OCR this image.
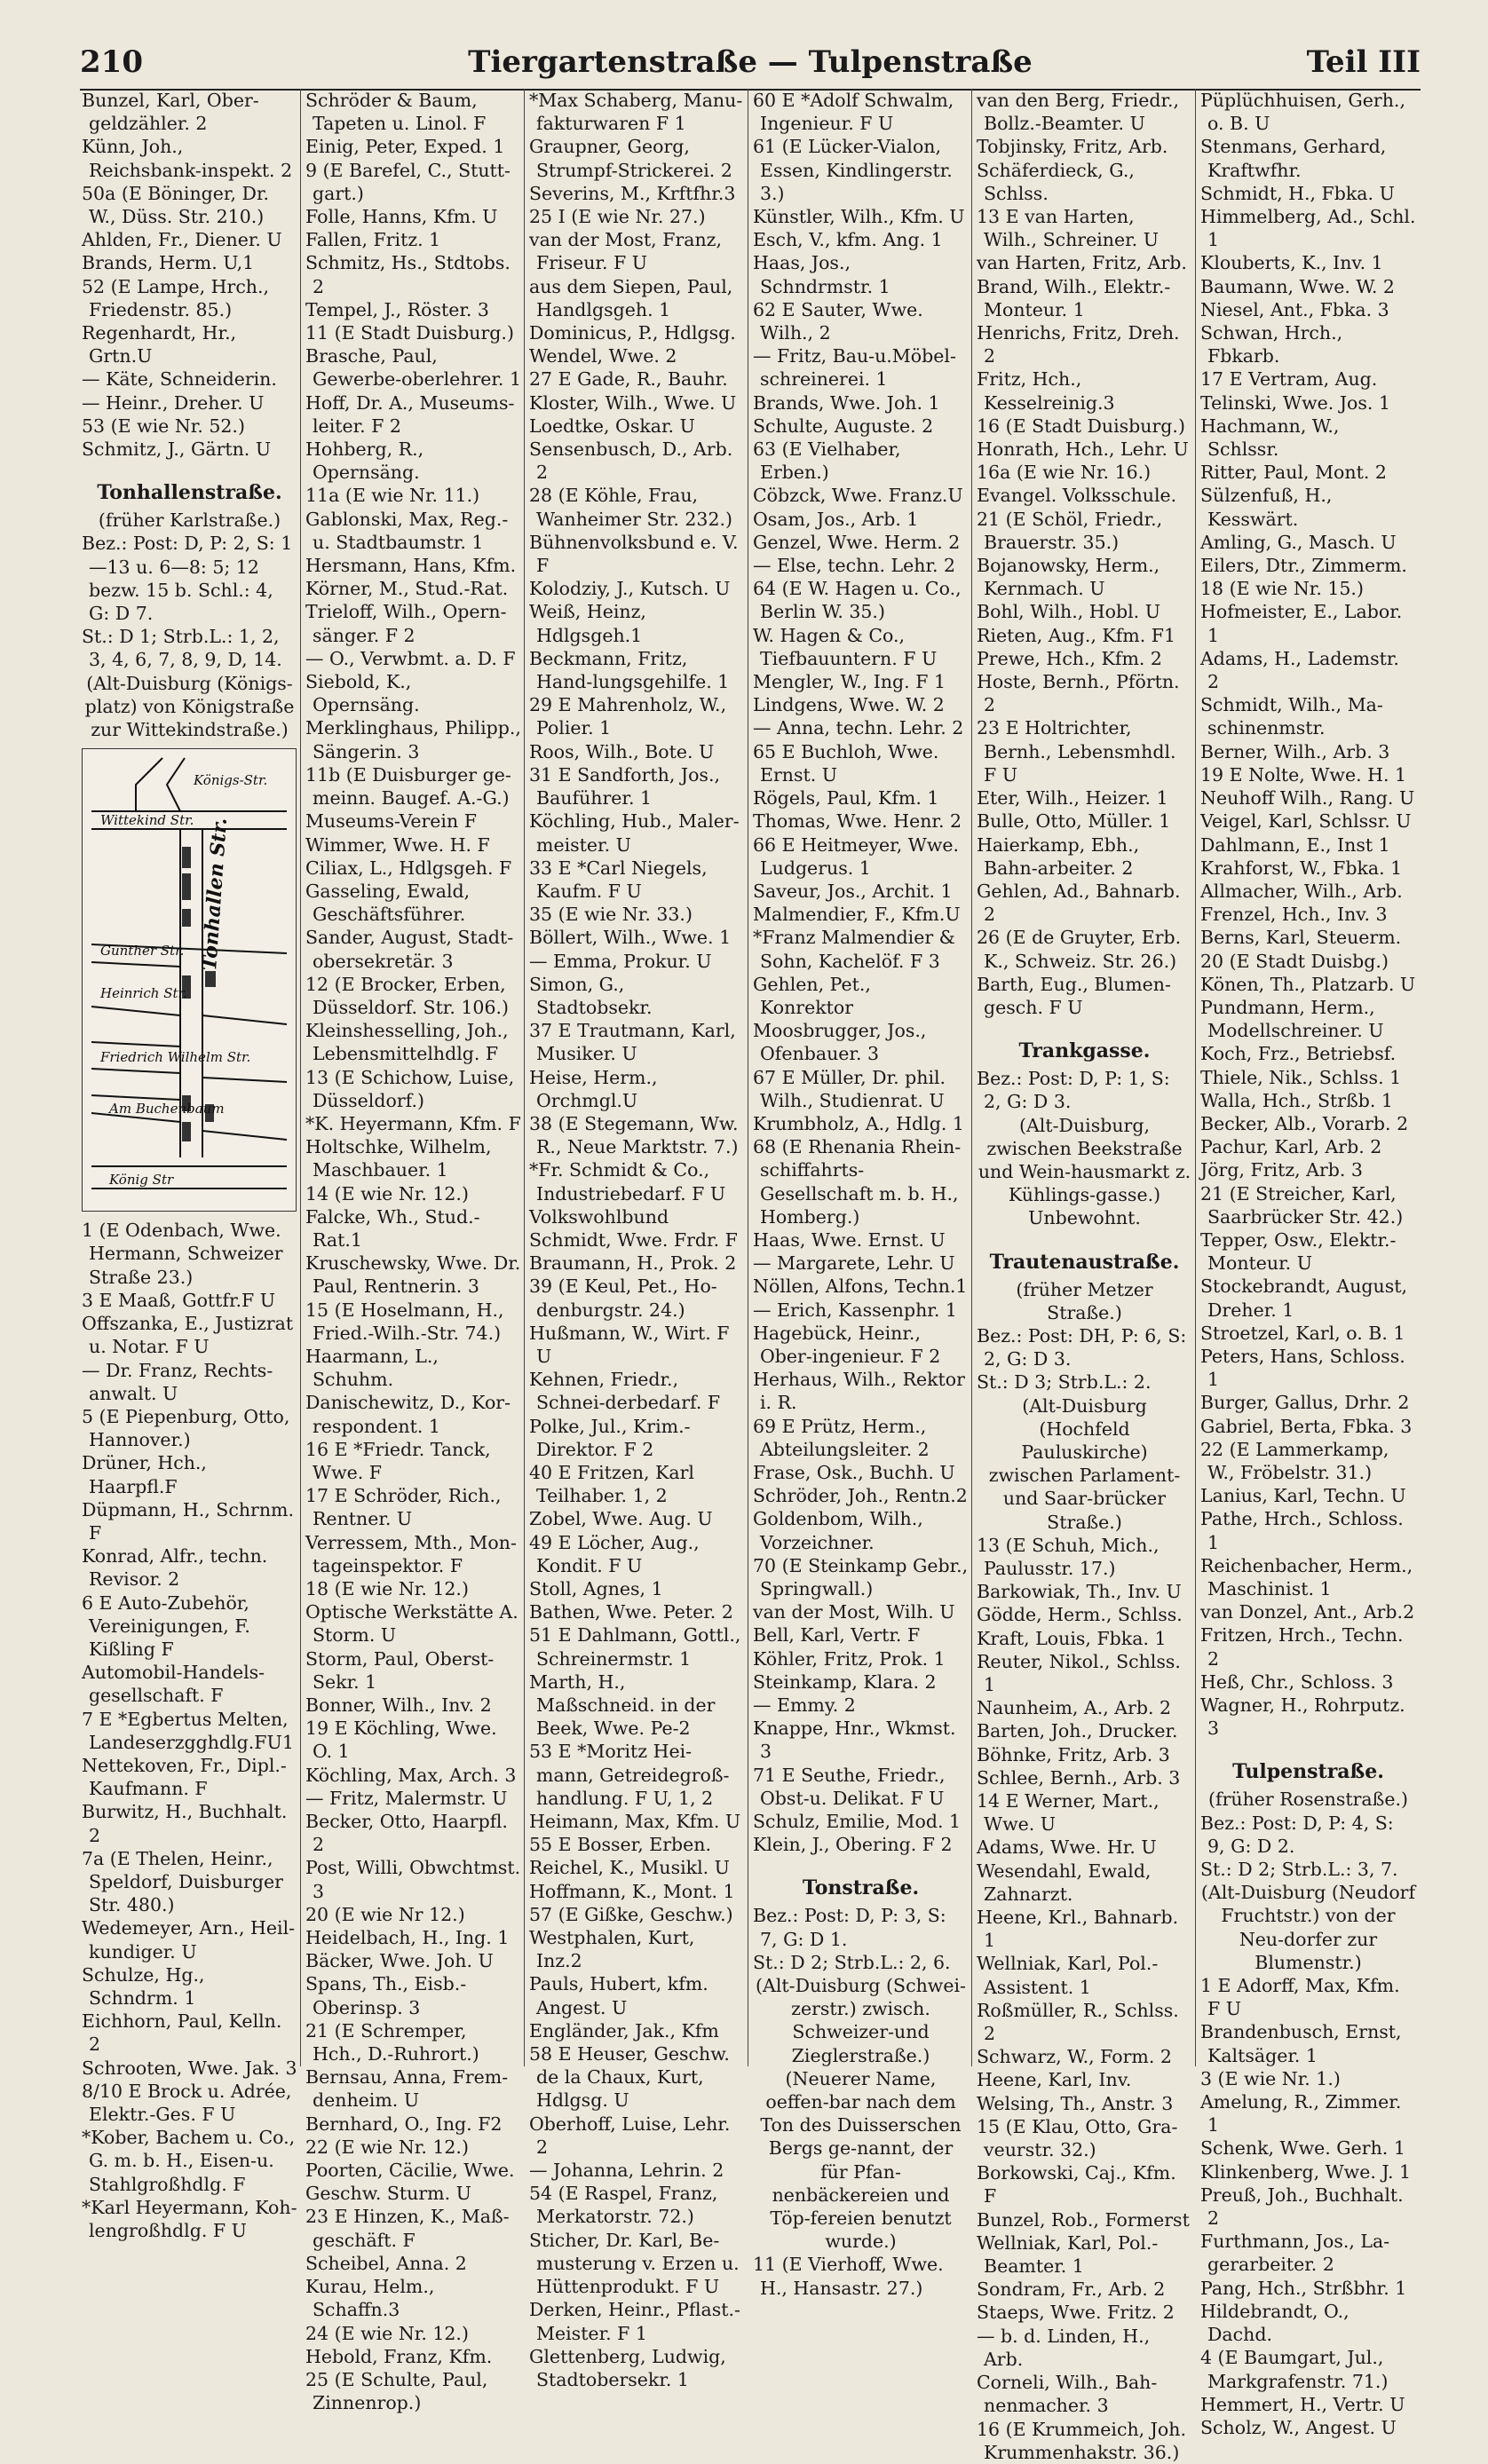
210	Tiergartenstraße — Tulpenstraße	Teil III
Bunzel, Karl, Ober-geldzähler. 2
Künn, Joh., Reichsbank-inspekt. 2
50a (E Böninger, Dr. W., Düss. Str. 210.)
Ahlden, Fr., Diener. U
Brands, Herm. U,1
52 (E Lampe, Hrch., Friedenstr. 85.)
Regenhardt, Hr., Grtn.U
— Käte, Schneiderin.
— Heinr., Dreher. U
53 (E wie Nr. 52.)
Schmitz, J., Gärtn. U
Tonhallenstraße.
(früher Karlstraße.)
Bez.: Post: D, P: 2, S: 1—13 u. 6—8: 5; 12 bezw. 15 b. Schl.: 4, G: D 7.
St.: D 1; Strb.L.: 1, 2, 3, 4, 6, 7, 8, 9, D, 14.
(Alt-Duisburg (Königs-platz) von Königstraße zur Wittekindstraße.)
Königs-Str.
Wittekind Str.
Günther Str.
Heinrich Str.
Friedrich Wilhelm Str.
Am Buchenbaum
König Str
Tonhallen Str.
1 (E Odenbach, Wwe. Hermann, Schweizer Straße 23.)
3 E Maaß, Gottfr.F U
Offszanka, E., Justizrat u. Notar. F U
— Dr. Franz, Rechts-anwalt. U
5 (E Piepenburg, Otto, Hannover.)
Drüner, Hch., Haarpfl.F
Düpmann, H., Schrnm. F
Konrad, Alfr., techn. Revisor. 2
6 E Auto-Zubehör, Vereinigungen, F. Kißling F
Automobil-Handels-gesellschaft. F
7 E *Egbertus Melten, Landeserzgghdlg.FU1
Nettekoven, Fr., Dipl.-Kaufmann. F
Burwitz, H., Buchhalt. 2
7a (E Thelen, Heinr., Speldorf, Duisburger Str. 480.)
Wedemeyer, Arn., Heil-kundiger. U
Schulze, Hg., Schndrm. 1
Eichhorn, Paul, Kelln. 2
Schrooten, Wwe. Jak. 3
8/10 E Brock u. Adrée, Elektr.-Ges. F U
*Kober, Bachem u. Co., G. m. b. H., Eisen-u. Stahlgroßhdlg. F
*Karl Heyermann, Koh-lengroßhdlg. F U
Schröder & Baum, Tapeten u. Linol. F
Einig, Peter, Exped. 1
9 (E Barefel, C., Stutt-gart.)
Folle, Hanns, Kfm. U
Fallen, Fritz. 1
Schmitz, Hs., Stdtobs. 2
Tempel, J., Röster. 3
11 (E Stadt Duisburg.)
Brasche, Paul, Gewerbe-oberlehrer. 1
Hoff, Dr. A., Museums-leiter. F 2
Hohberg, R., Opernsäng.
11a (E wie Nr. 11.)
Gablonski, Max, Reg.-u. Stadtbaumstr. 1
Hersmann, Hans, Kfm.
Körner, M., Stud.-Rat.
Trieloff, Wilh., Opern-sänger. F 2
— O., Verwbmt. a. D. F
Siebold, K., Opernsäng.
Merklinghaus, Philipp., Sängerin. 3
11b (E Duisburger ge-meinn. Baugef. A.-G.)
Museums-Verein F
Wimmer, Wwe. H. F
Ciliax, L., Hdlgsgeh. F
Gasseling, Ewald, Geschäftsführer.
Sander, August, Stadt-obersekretär. 3
12 (E Brocker, Erben, Düsseldorf. Str. 106.)
Kleinshesselling, Joh., Lebensmittelhdlg. F
13 (E Schichow, Luise, Düsseldorf.)
*K. Heyermann, Kfm. F
Holtschke, Wilhelm, Maschbauer. 1
14 (E wie Nr. 12.)
Falcke, Wh., Stud.-Rat.1
Kruschewsky, Wwe. Dr. Paul, Rentnerin. 3
15 (E Hoselmann, H., Fried.-Wilh.-Str. 74.)
Haarmann, L., Schuhm.
Danischewitz, D., Kor-respondent. 1
16 E *Friedr. Tanck, Wwe. F
17 E Schröder, Rich., Rentner. U
Verressem, Mth., Mon-tageinspektor. F
18 (E wie Nr. 12.)
Optische Werkstätte A. Storm. U
Storm, Paul, Oberst-Sekr. 1
Bonner, Wilh., Inv. 2
19 E Köchling, Wwe. O. 1
Köchling, Max, Arch. 3
— Fritz, Malermstr. U
Becker, Otto, Haarpfl. 2
Post, Willi, Obwchtmst. 3
20 (E wie Nr 12.)
Heidelbach, H., Ing. 1
Bäcker, Wwe. Joh. U
Spans, Th., Eisb.-Oberinsp. 3
21 (E Schremper, Hch., D.-Ruhrort.)
Bernsau, Anna, Frem-denheim. U
Bernhard, O., Ing. F2
22 (E wie Nr. 12.)
Poorten, Cäcilie, Wwe.
Geschw. Sturm. U
23 E Hinzen, K., Maß-geschäft. F
Scheibel, Anna. 2
Kurau, Helm., Schaffn.3
24 (E wie Nr. 12.)
Hebold, Franz, Kfm.
25 (E Schulte, Paul, Zinnenrop.)
*Max Schaberg, Manu-fakturwaren F 1
Graupner, Georg, Strumpf-Strickerei. 2
Severins, M., Krftfhr.3
25 I (E wie Nr. 27.)
van der Most, Franz, Friseur. F U
aus dem Siepen, Paul, Handlgsgeh. 1
Dominicus, P., Hdlgsg.
Wendel, Wwe. 2
27 E Gade, R., Bauhr.
Kloster, Wilh., Wwe. U
Loedtke, Oskar. U
Sensenbusch, D., Arb. 2
28 (E Köhle, Frau, Wanheimer Str. 232.)
Bühnenvolksbund e. V. F
Kolodziy, J., Kutsch. U
Weiß, Heinz, Hdlgsgeh.1
Beckmann, Fritz, Hand-lungsgehilfe. 1
29 E Mahrenholz, W., Polier. 1
Roos, Wilh., Bote. U
31 E Sandforth, Jos., Bauführer. 1
Köchling, Hub., Maler-meister. U
33 E *Carl Niegels, Kaufm. F U
35 (E wie Nr. 33.)
Böllert, Wilh., Wwe. 1
— Emma, Prokur. U
Simon, G., Stadtobsekr.
37 E Trautmann, Karl, Musiker. U
Heise, Herm., Orchmgl.U
38 (E Stegemann, Ww. R., Neue Marktstr. 7.)
*Fr. Schmidt & Co., Industriebedarf. F U
Volkswohlbund
Schmidt, Wwe. Frdr. F
Braumann, H., Prok. 2
39 (E Keul, Pet., Ho-denburgstr. 24.)
Hußmann, W., Wirt. F U
Kehnen, Friedr., Schnei-derbedarf. F
Polke, Jul., Krim.-Direktor. F 2
40 E Fritzen, Karl Teilhaber. 1, 2
Zobel, Wwe. Aug. U
49 E Löcher, Aug., Kondit. F U
Stoll, Agnes, 1
Bathen, Wwe. Peter. 2
51 E Dahlmann, Gottl., Schreinermstr. 1
Marth, H., Maßschneid. in der Beek, Wwe. Pe-2
53 E *Moritz Hei-mann, Getreidegroß-handlung. F U, 1, 2
Heimann, Max, Kfm. U
55 E Bosser, Erben.
Reichel, K., Musikl. U
Hoffmann, K., Mont. 1
57 (E Gißke, Geschw.)
Westphalen, Kurt, Inz.2
Pauls, Hubert, kfm. Angest. U
Engländer, Jak., Kfm
58 E Heuser, Geschw. de la Chaux, Kurt, Hdlgsg. U
Oberhoff, Luise, Lehr. 2
— Johanna, Lehrin. 2
54 (E Raspel, Franz, Merkatorstr. 72.)
Sticher, Dr. Karl, Be-musterung v. Erzen u. Hüttenprodukt. F U
Derken, Heinr., Pflast.-Meister. F 1
Glettenberg, Ludwig, Stadtobersekr. 1
60 E *Adolf Schwalm, Ingenieur. F U
61 (E Lücker-Vialon, Essen, Kindlingerstr. 3.)
Künstler, Wilh., Kfm. U
Esch, V., kfm. Ang. 1
Haas, Jos., Schndrmstr. 1
62 E Sauter, Wwe. Wilh., 2
— Fritz, Bau-u.Möbel-schreinerei. 1
Brands, Wwe. Joh. 1
Schulte, Auguste. 2
63 (E Vielhaber, Erben.)
Cöbzck, Wwe. Franz.U
Osam, Jos., Arb. 1
Genzel, Wwe. Herm. 2
— Else, techn. Lehr. 2
64 (E W. Hagen u. Co., Berlin W. 35.)
W. Hagen & Co., Tiefbauuntern. F U
Mengler, W., Ing. F 1
Lindgens, Wwe. W. 2
— Anna, techn. Lehr. 2
65 E Buchloh, Wwe. Ernst. U
Rögels, Paul, Kfm. 1
Thomas, Wwe. Henr. 2
66 E Heitmeyer, Wwe. Ludgerus. 1
Saveur, Jos., Archit. 1
Malmendier, F., Kfm.U
*Franz Malmendier & Sohn, Kachelöf. F 3
Gehlen, Pet., Konrektor
Moosbrugger, Jos., Ofenbauer. 3
67 E Müller, Dr. phil. Wilh., Studienrat. U
Krumbholz, A., Hdlg. 1
68 (E Rhenania Rhein-schiffahrts-Gesellschaft m. b. H., Homberg.)
Haas, Wwe. Ernst. U
— Margarete, Lehr. U
Nöllen, Alfons, Techn.1
— Erich, Kassenphr. 1
Hagebück, Heinr., Ober-ingenieur. F 2
Herhaus, Wilh., Rektor i. R.
69 E Prütz, Herm., Abteilungsleiter. 2
Frase, Osk., Buchh. U
Schröder, Joh., Rentn.2
Goldenbom, Wilh., Vorzeichner.
70 (E Steinkamp Gebr., Springwall.)
van der Most, Wilh. U
Bell, Karl, Vertr. F
Köhler, Fritz, Prok. 1
Steinkamp, Klara. 2
— Emmy. 2
Knappe, Hnr., Wkmst. 3
71 E Seuthe, Friedr., Obst-u. Delikat. F U
Schulz, Emilie, Mod. 1
Klein, J., Obering. F 2
Tonstraße.
Bez.: Post: D, P: 3, S: 7, G: D 1.
St.: D 2; Strb.L.: 2, 6.
(Alt-Duisburg (Schwei-zerstr.) zwisch. Schweizer-und Zieglerstraße.)
(Neuerer Name, oeffen-bar nach dem Ton des Duisserschen Bergs ge-nannt, der für Pfan-nenbäckereien und Töp-fereien benutzt wurde.)
11 (E Vierhoff, Wwe. H., Hansastr. 27.)
van den Berg, Friedr., Bollz.-Beamter. U
Tobjinsky, Fritz, Arb.
Schäferdieck, G., Schlss.
13 E van Harten, Wilh., Schreiner. U
van Harten, Fritz, Arb.
Brand, Wilh., Elektr.-Monteur. 1
Henrichs, Fritz, Dreh. 2
Fritz, Hch., Kesselreinig.3
16 (E Stadt Duisburg.)
Honrath, Hch., Lehr. U
16a (E wie Nr. 16.)
Evangel. Volksschule.
21 (E Schöl, Friedr., Brauerstr. 35.)
Bojanowsky, Herm., Kernmach. U
Bohl, Wilh., Hobl. U
Rieten, Aug., Kfm. F1
Prewe, Hch., Kfm. 2
Hoste, Bernh., Pförtn. 2
23 E Holtrichter, Bernh., Lebensmhdl. F U
Eter, Wilh., Heizer. 1
Bulle, Otto, Müller. 1
Haierkamp, Ebh., Bahn-arbeiter. 2
Gehlen, Ad., Bahnarb. 2
26 (E de Gruyter, Erb. K., Schweiz. Str. 26.)
Barth, Eug., Blumen-gesch. F U
Trankgasse.
Bez.: Post: D, P: 1, S: 2, G: D 3.
(Alt-Duisburg, zwischen Beekstraße und Wein-hausmarkt z. Kühlings-gasse.)
Unbewohnt.
Trautenaustraße.
(früher Metzer Straße.)
Bez.: Post: DH, P: 6, S: 2, G: D 3.
St.: D 3; Strb.L.: 2.
(Alt-Duisburg (Hochfeld Pauluskirche) zwischen Parlament- und Saar-brücker Straße.)
13 (E Schuh, Mich., Paulusstr. 17.)
Barkowiak, Th., Inv. U
Gödde, Herm., Schlss.
Kraft, Louis, Fbka. 1
Reuter, Nikol., Schlss. 1
Naunheim, A., Arb. 2
Barten, Joh., Drucker.
Böhnke, Fritz, Arb. 3
Schlee, Bernh., Arb. 3
14 E Werner, Mart., Wwe. U
Adams, Wwe. Hr. U
Wesendahl, Ewald, Zahnarzt.
Heene, Krl., Bahnarb. 1
Wellniak, Karl, Pol.-Assistent. 1
Roßmüller, R., Schlss. 2
Schwarz, W., Form. 2
Heene, Karl, Inv.
Welsing, Th., Anstr. 3
15 (E Klau, Otto, Gra-veurstr. 32.)
Borkowski, Caj., Kfm. F
Bunzel, Rob., Formerst
Wellniak, Karl, Pol.-Beamter. 1
Sondram, Fr., Arb. 2
Staeps, Wwe. Fritz. 2
— b. d. Linden, H., Arb.
Corneli, Wilh., Bah-nenmacher. 3
16 (E Krummeich, Joh. Krummenhakstr. 36.)
Püplüchhuisen, Gerh., o. B. U
Stenmans, Gerhard, Kraftwfhr.
Schmidt, H., Fbka. U
Himmelberg, Ad., Schl. 1
Klouberts, K., Inv. 1
Baumann, Wwe. W. 2
Niesel, Ant., Fbka. 3
Schwan, Hrch., Fbkarb.
17 E Vertram, Aug.
Telinski, Wwe. Jos. 1
Hachmann, W., Schlssr.
Ritter, Paul, Mont. 2
Sülzenfuß, H., Kesswärt.
Amling, G., Masch. U
Eilers, Dtr., Zimmerm.
18 (E wie Nr. 15.)
Hofmeister, E., Labor. 1
Adams, H., Lademstr. 2
Schmidt, Wilh., Ma-schinenmstr.
Berner, Wilh., Arb. 3
19 E Nolte, Wwe. H. 1
Neuhoff Wilh., Rang. U
Veigel, Karl, Schlssr. U
Dahlmann, E., Inst 1
Krahforst, W., Fbka. 1
Allmacher, Wilh., Arb.
Frenzel, Hch., Inv. 3
Berns, Karl, Steuerm.
20 (E Stadt Duisbg.)
Könen, Th., Platzarb. U
Pundmann, Herm., Modellschreiner. U
Koch, Frz., Betriebsf.
Thiele, Nik., Schlss. 1
Walla, Hch., Strßb. 1
Becker, Alb., Vorarb. 2
Pachur, Karl, Arb. 2
Jörg, Fritz, Arb. 3
21 (E Streicher, Karl, Saarbrücker Str. 42.)
Tepper, Osw., Elektr.-Monteur. U
Stockebrandt, August, Dreher. 1
Stroetzel, Karl, o. B. 1
Peters, Hans, Schloss. 1
Burger, Gallus, Drhr. 2
Gabriel, Berta, Fbka. 3
22 (E Lammerkamp, W., Fröbelstr. 31.)
Lanius, Karl, Techn. U
Pathe, Hrch., Schloss. 1
Reichenbacher, Herm., Maschinist. 1
van Donzel, Ant., Arb.2
Fritzen, Hrch., Techn. 2
Heß, Chr., Schloss. 3
Wagner, H., Rohrputz. 3
Tulpenstraße.
(früher Rosenstraße.)
Bez.: Post: D, P: 4, S: 9, G: D 2.
St.: D 2; Strb.L.: 3, 7.
(Alt-Duisburg (Neudorf Fruchtstr.) von der Neu-dorfer zur Blumenstr.)
1 E Adorff, Max, Kfm. F U
Brandenbusch, Ernst, Kaltsäger. 1
3 (E wie Nr. 1.)
Amelung, R., Zimmer. 1
Schenk, Wwe. Gerh. 1
Klinkenberg, Wwe. J. 1
Preuß, Joh., Buchhalt. 2
Furthmann, Jos., La-gerarbeiter. 2
Pang, Hch., Strßbhr. 1
Hildebrandt, O., Dachd.
4 (E Baumgart, Jul., Markgrafenstr. 71.)
Hemmert, H., Vertr. U
Scholz, W., Angest. U
